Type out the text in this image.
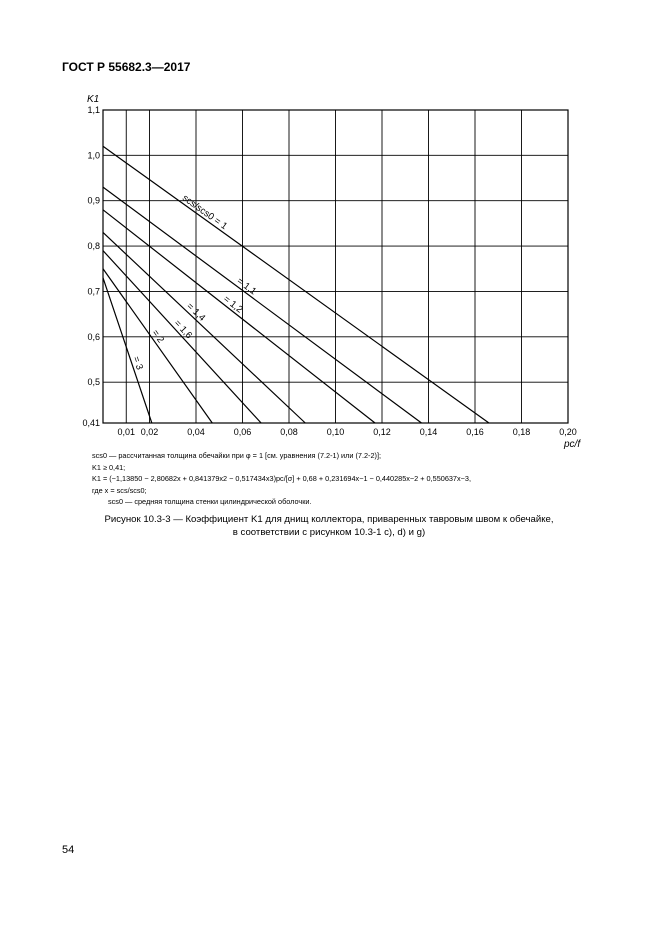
ГОСТ Р 55682.3—2017
sсs/sсs0 = 1
= 1,1
= 1,2
= 1,4
= 1,6
= 2
= 3
0,01 0,02	0,04	0,06	0,08	0,10	0,12	0,14	0,16	0,18	0,20
0,41
0,5
0,6
0,7
0,8
0,9
1,0
1,1
pс/f
K1
sсs0 — рассчитанная толщина обечайки при φ = 1 [см. уравнения (7.2-1) или (7.2-2)];
K1 ≥ 0,41;
K1 = (−1,13850 − 2,80682x + 0,841379x2 − 0,517434x3)pс/[σ] + 0,68 + 0,231694x−1 − 0,440285x−2 + 0,550637x−3,
где x = sсs/sсs0;
sсs0 — средняя толщина стенки цилиндрической оболочки.
Рисунок 10.3-3 — Коэффициент K1 для днищ коллектора, приваренных тавровым швом к обечайке,
в соответствии с рисунком 10.3-1 с), d) и g)
54
